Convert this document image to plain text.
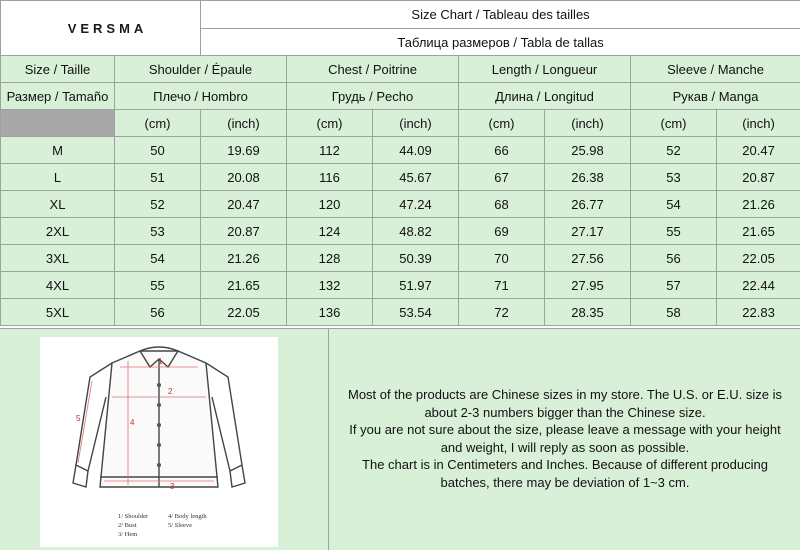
VERSMA		Size Chart / Tableau des tailles						
		Таблица размеров / Tabla de tallas						
Size / Taille	Shoulder / Épaule		Chest / Poitrine		Length / Longueur		Sleeve / Manche	
Размер / Tamaño	Плечо / Hombro		Грудь / Pecho		Длина / Longitud		Рукав / Manga	
	(cm)	(inch)	(cm)	(inch)	(cm)	(inch)	(cm)	(inch)
M	50	19.69	112	44.09	66	25.98	52	20.47
L	51	20.08	116	45.67	67	26.38	53	20.87
XL	52	20.47	120	47.24	68	26.77	54	21.26
2XL	53	20.87	124	48.82	69	27.17	55	21.65
3XL	54	21.26	128	50.39	70	27.56	56	22.05
4XL	55	21.65	132	51.97	71	27.95	57	22.44
5XL	56	22.05	136	53.54	72	28.35	58	22.83
1
2
3
4
5
1/ Shoulder
2/ Bust
3/ Hem
4/ Body length
5/ Sleeve
Most of the products are Chinese sizes in my store. The U.S. or E.U. size is
about 2-3 numbers bigger than the Chinese size.
If you are not sure about the size, please leave a message with your height
and weight, I will reply as soon as possible.
The chart is in Centimeters and Inches. Because of different producing
batches, there may be deviation of 1~3 cm.
